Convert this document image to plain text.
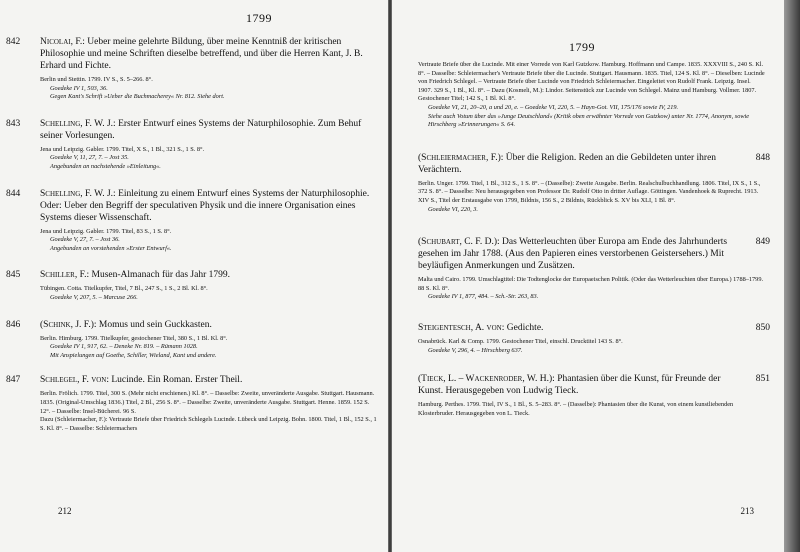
1799

842 Nicolai, F.: Ueber meine gelehrte Bildung, über meine Kenntniß der kritischen Philosophie und meine Schriften dieselbe betreffend, und über die Herren Kant, J. B. Erhard und Fichte.

Berlin und Stettin. 1799. IV S., S. 5–266. 8°.

Goedeke IV 1, 503, 36.

Gegen Kant's Schrift »Ueber die Buchmacherey« Nr. 812. Siehe dort.

843 Schelling, F. W. J.: Erster Entwurf eines Systems der Naturphilosophie. Zum Behuf seiner Vorlesungen.

Jena und Leipzig. Gabler. 1799. Titel, X S., 1 Bl., 321 S., 1 S. 8°.

Goedeke V, 11, 27, 7. – Jost 35.

Angebunden an nachstehende »Einleitung«.

844 Schelling, F. W. J.: Einleitung zu einem Entwurf eines Systems der Naturphilosophie. Oder: Ueber den Begriff der speculativen Physik und die innere Organisation eines Systems dieser Wissenschaft.

Jena und Leipzig. Gabler. 1799. Titel, 83 S., 1 S. 8°.

Goedeke V, 27, 7. – Jost 36.

Angebunden an vorstehenden »Erster Entwurf«.

845 Schiller, F.: Musen-Almanach für das Jahr 1799.

Tübingen. Cotta. Titelkupfer, Titel, 7 Bl., 247 S., 1 S., 2 Bl. Kl. 8°.

Goedeke V, 207, 5. – Marcuse 266.

846 (Schink, J. F.): Momus und sein Guckkasten.

Berlin. Himburg. 1799. Titelkupfer, gestochener Titel, 380 S., 1 Bl. Kl. 8°.

Goedeke IV 1, 917, 62. – Deneke Nr. 819. – Rümann 1028.

Mit Anspielungen auf Goethe, Schiller, Wieland, Kant und andere.

847 Schlegel, F. von: Lucinde. Ein Roman. Erster Theil.

Berlin. Frölich. 1799. Titel, 300 S. (Mehr nicht erschienen.) Kl. 8°. – Dasselbe: Zweite, unveränderte Ausgabe. Stuttgart. Hausmann. 1835. (Original-Umschlag 1836.) Titel, 2 Bl., 256 S. 8°. – Dasselbe: Zweite, unveränderte Ausgabe. Stuttgart. Henne. 1859. 152 S. 12°. – Dasselbe: Insel-Bücherei. 96 S.

Dazu (Schleiermacher, F.): Vertraute Briefe über Friedrich Schlegels Lucinde. Lübeck und Leipzig. Bohn. 1800. Titel, 1 Bl., 152 S., 1 S. Kl. 8°. – Dasselbe: Schleiermachers

212

1799

Vertraute Briefe über die Lucinde. Mit einer Vorrede von Karl Gutzkow. Hamburg. Hoffmann und Campe. 1835. XXXVIII S., 240 S. Kl. 8°. – Dasselbe: Schleiermacher's Vertraute Briefe über die Lucinde. Stuttgart. Hausmann. 1835. Titel, 124 S. Kl. 8°. – Dieselben: Lucinde von Friedrich Schlegel. – Vertraute Briefe über Lucinde von Friedrich Schleiermacher. Eingeleitet von Rudolf Frank. Leipzig. Insel. 1907. 329 S., 1 Bl., Kl. 8°. – Dazu (Kosmeli, M.): Lindor. Seitenstück zur Lucinde von Schlegel. Mainz und Hamburg. Vollmer. 1807. Gestochener Titel; 142 S., 1 Bl. Kl. 8°.

Goedeke VI, 21, 20–20, a und 20, e. – Goedeke VI, 220, 5. – Hayn-Got. VII, 175/176 sowie IV, 219.

Siehe auch Votum über das »Junge Deutschland« (Kritik oben erwähnter Vorrede von Gutzkow) unter Nr. 1774, Anonym, sowie Hirschberg »Erinnerungen« S. 64.

848

(Schleiermacher, F.): Über die Religion. Reden an die Gebildeten unter ihren Verächtern.

Berlin. Unger. 1799. Titel, 1 Bl., 312 S., 1 S. 8°. – (Dasselbe): Zweite Ausgabe. Berlin. Realschulbuchhandlung. 1806. Titel, IX S., 1 S., 372 S. 8°. – Dasselbe: Neu herausgegeben von Professor Dr. Rudolf Otto in dritter Auflage. Göttingen. Vandenhoek & Ruprecht. 1913. XIV S., Titel der Erstausgabe von 1799, Bildnis, 156 S., 2 Bildnis, Rückblick S. XV bis XLI, 1 Bl. 8°.

Goedeke VI, 220, 3.

849

(Schubart, C. F. D.): Das Wetterleuchten über Europa am Ende des Jahrhunderts gesehen im Jahr 1788. (Aus den Papieren eines verstorbenen Geistersehers.) Mit beyläufigen Anmerkungen und Zusätzen.

Malta und Cairo. 1799. Umschlagtitel: Die Todtenglocke der Europaeischen Politik. (Oder das Wetterleuchten über Europa.) 1788–1799. 88 S. Kl. 8°.

Goedeke IV 1, 877, 484. – Sch.-Str. 263, 83.

850

Steigentesch, A. von: Gedichte.

Osnabrück. Karl & Comp. 1799. Gestochener Titel, einschl. Drucktitel 143 S. 8°.

Goedeke V, 296, 4. – Hirschberg 637.

851

(Tieck, L. – Wackenroder, W. H.): Phantasien über die Kunst, für Freunde der Kunst. Herausgegeben von Ludwig Tieck.

Hamburg. Perthes. 1799. Titel, IV S., 1 Bl., S. 5–283. 8°. – (Dasselbe): Phantasien über die Kunst, von einem kunstliebenden Klosterbruder. Herausgegeben von L. Tieck.

213
